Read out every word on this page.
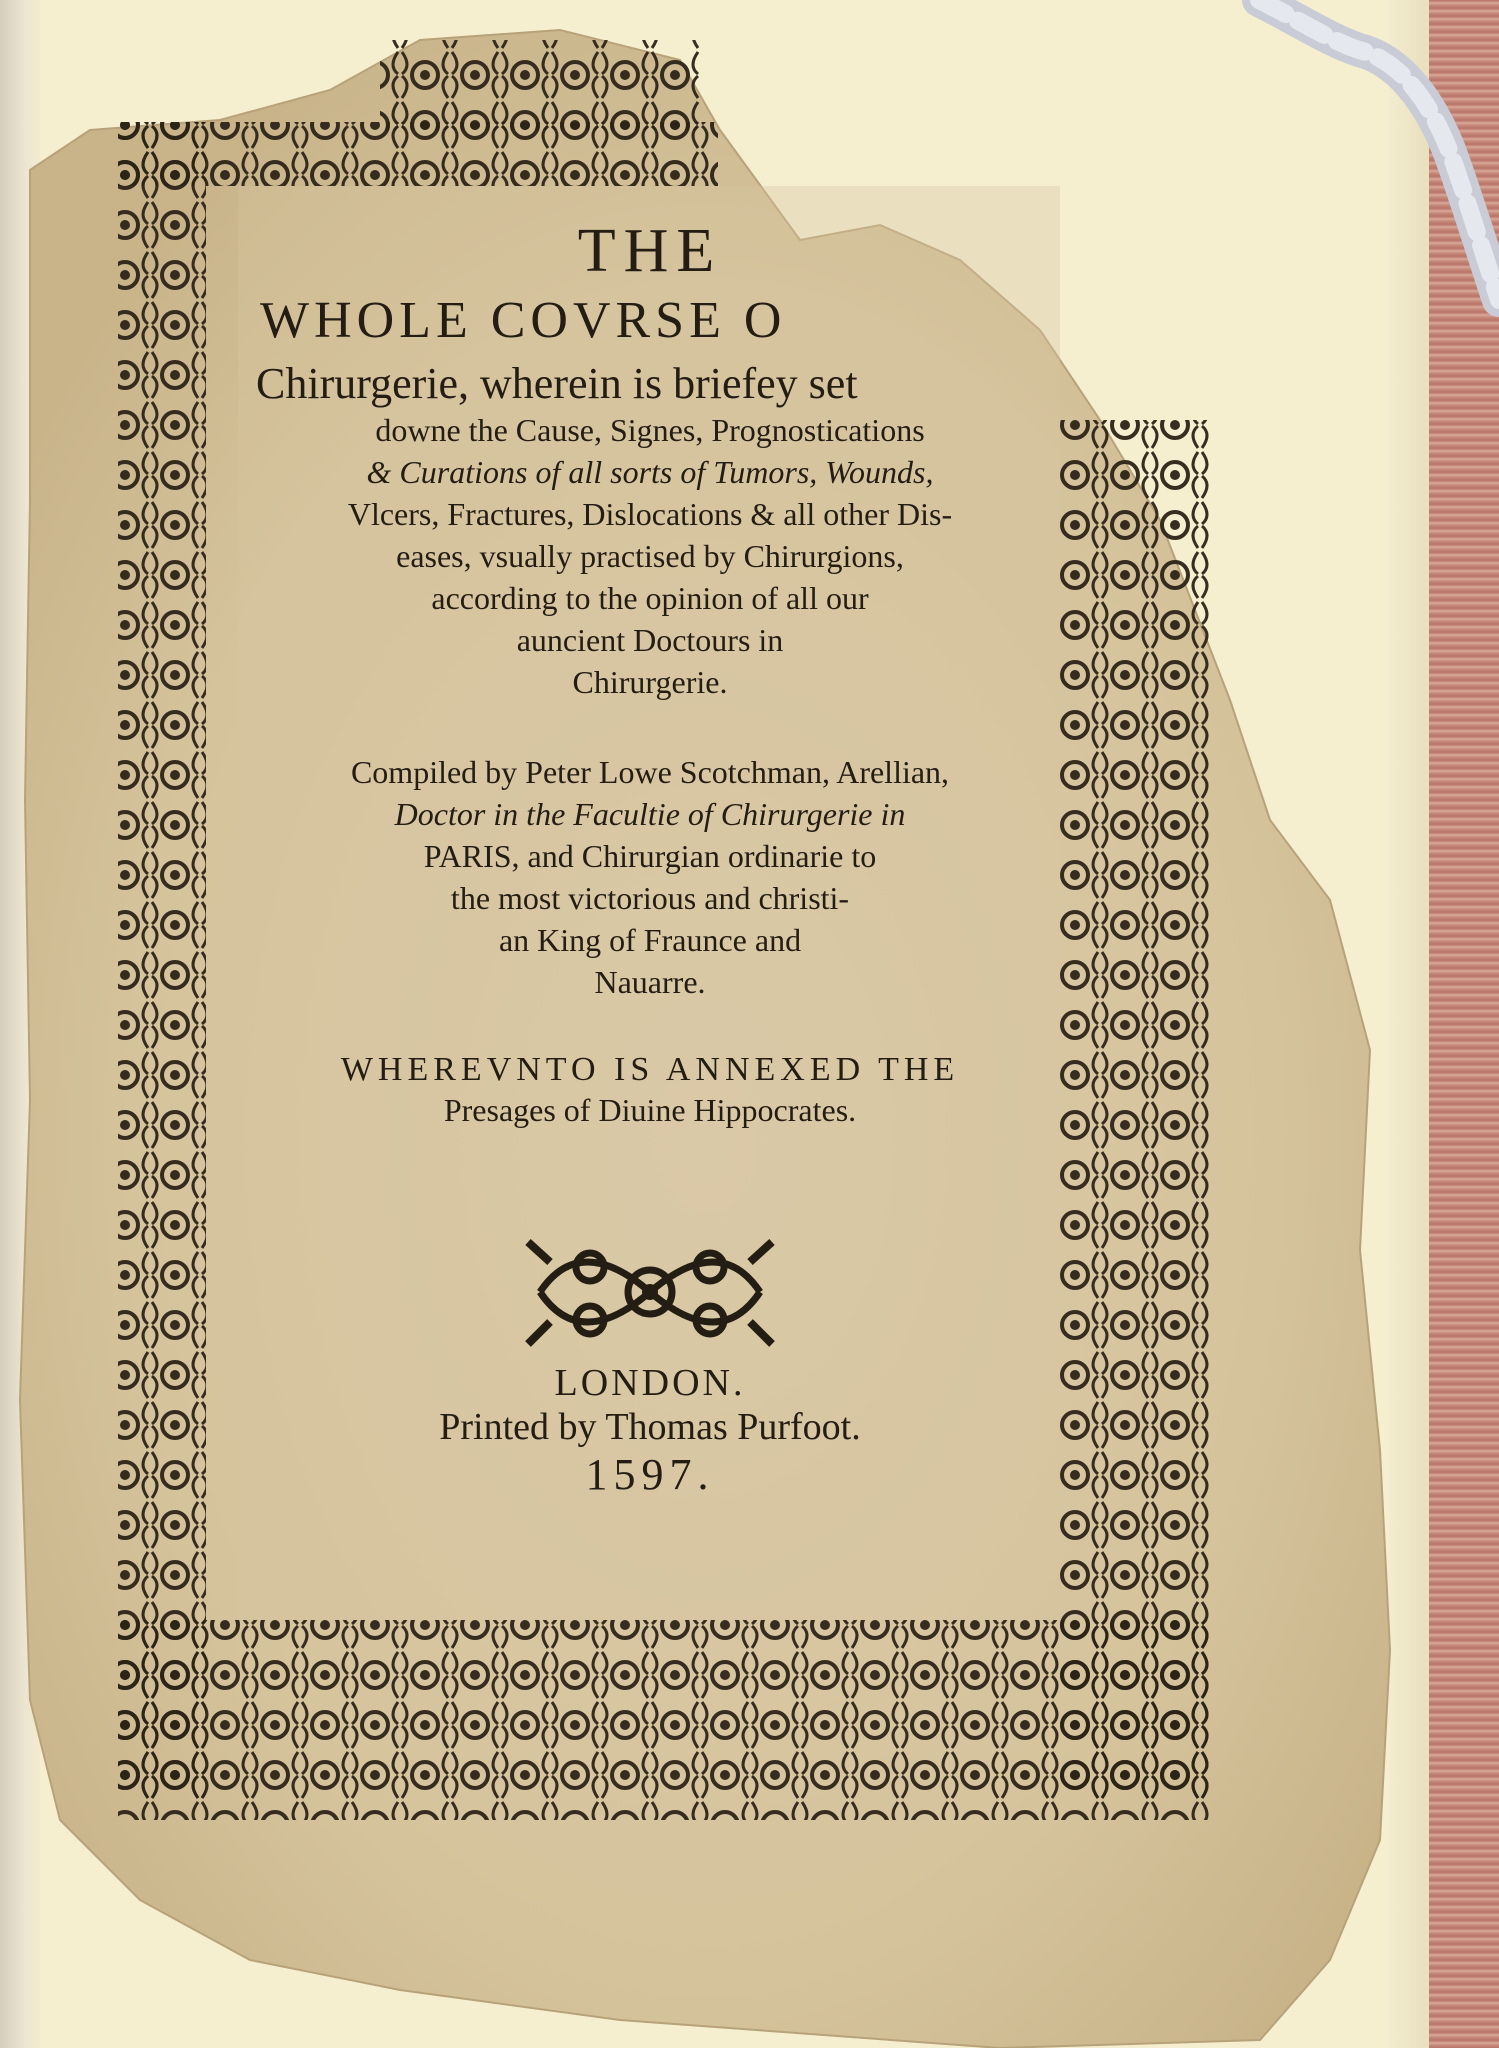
THE
WHOLE COVRSE O
Chirurgerie, wherein is briefey set
downe the Cause, Signes, Prognostications
& Curations of all sorts of Tumors, Wounds,
Vlcers, Fractures, Dislocations & all other Dis-
eases, vsually practised by Chirurgions,
according to the opinion of all our
auncient Doctours in
Chirurgerie.
Compiled by Peter Lowe Scotchman, Arellian,
Doctor in the Facultie of Chirurgerie in
PARIS, and Chirurgian ordinarie to
the most victorious and christi-
an King of Fraunce and
Nauarre.
WHEREVNTO IS ANNEXED THE
Presages of Diuine Hippocrates.
LONDON.
Printed by Thomas Purfoot.
1597.
